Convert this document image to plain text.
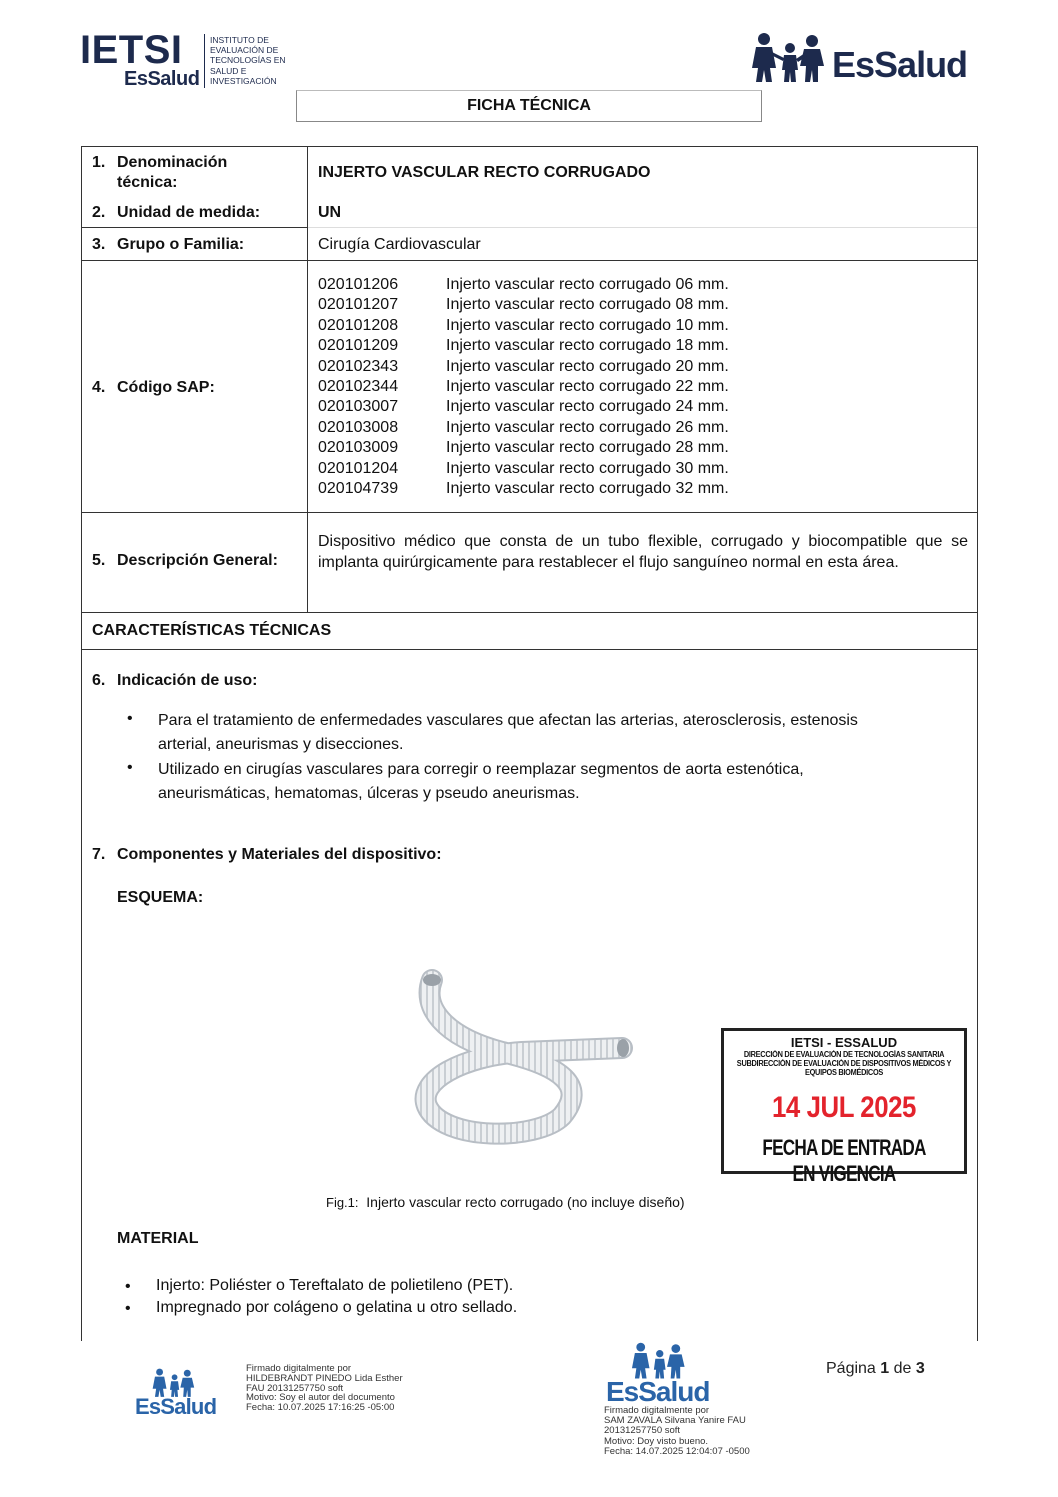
IETSI
EsSalud
INSTITUTO DE
EVALUACIÓN DE
TECNOLOGÍAS EN
SALUD E
INVESTIGACIÓN	EsSalud
FICHA TÉCNICA
1. Denominación
técnica:
INJERTO VASCULAR RECTO CORRUGADO
2. Unidad de medida:	UN
3. Grupo o Familia:	Cirugía Cardiovascular
4. Código SAP:
020101206	Injerto vascular recto corrugado 06 mm.
020101207	Injerto vascular recto corrugado 08 mm.
020101208	Injerto vascular recto corrugado 10 mm.
020101209	Injerto vascular recto corrugado 18 mm.
020102343	Injerto vascular recto corrugado 20 mm.
020102344	Injerto vascular recto corrugado 22 mm.
020103007	Injerto vascular recto corrugado 24 mm.
020103008	Injerto vascular recto corrugado 26 mm.
020103009	Injerto vascular recto corrugado 28 mm.
020101204	Injerto vascular recto corrugado 30 mm.
020104739	Injerto vascular recto corrugado 32 mm.
5. Descripción General:
Dispositivo médico que consta de un tubo flexible, corrugado y biocompatible que se implanta quirúrgicamente para restablecer el flujo sanguíneo normal en esta área.
CARACTERÍSTICAS TÉCNICAS
6. Indicación de uso:
• Para el tratamiento de enfermedades vasculares que afectan las arterias, aterosclerosis, estenosis
arterial, aneurismas y disecciones.
• Utilizado en cirugías vasculares para corregir o reemplazar segmentos de aorta estenótica,
aneurismáticas, hematomas, úlceras y pseudo aneurismas.
7. Componentes y Materiales del dispositivo:
ESQUEMA:
MATERIAL
• Injerto: Poliéster o Tereftalato de polietileno (PET).
• Impregnado por colágeno o gelatina u otro sellado.
IETSI - ESSALUD
DIRECCIÓN DE EVALUACIÓN DE TECNOLOGÍAS SANITARIA
SUBDIRECCIÓN DE EVALUACIÓN DE DISPOSITIVOS MÉDICOS Y EQUIPOS BIOMÉDICOS
14 JUL 2025
FECHA DE ENTRADA EN VIGENCIA
Fig.1: Injerto vascular recto corrugado (no incluye diseño)
EsSalud
Firmado digitalmente por
HILDEBRANDT PINEDO Lida Esther
FAU 20131257750 soft
Motivo: Soy el autor del documento
Fecha: 10.07.2025 17:16:25 -05:00
EsSalud
Firmado digitalmente por
SAM ZAVALA Silvana Yanire FAU
20131257750 soft
Motivo: Doy visto bueno.
Fecha: 14.07.2025 12:04:07 -0500
Página 1 de 3
